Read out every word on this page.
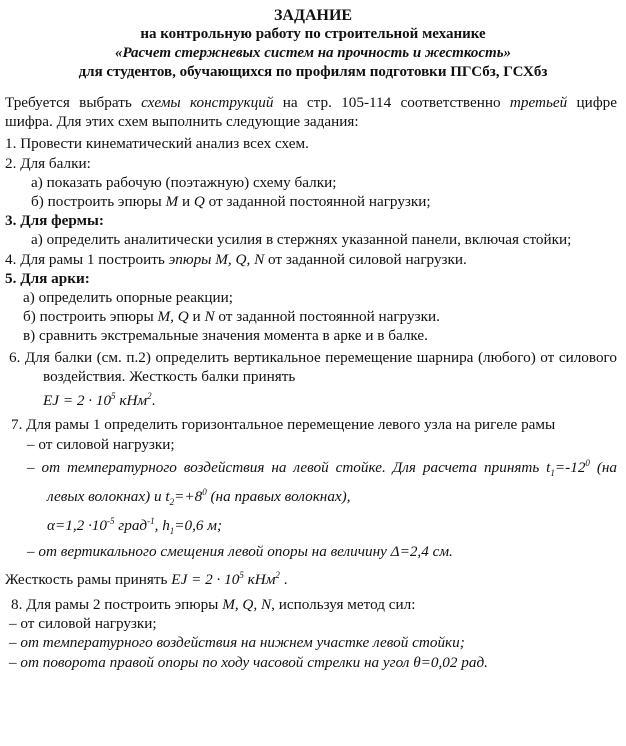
ЗАДАНИЕ
на контрольную работу по строительной механике
«Расчет стержневых систем на прочность и жесткость»
для студентов, обучающихся по профилям подготовки ПГСбз, ГСХбз

Требуется выбрать схемы конструкций на стр. 105-114 соответственно третьей цифре шифра. Для этих схем выполнить следующие задания:

1. Провести кинематический анализ всех схем.

2. Для балки:

а) показать рабочую (поэтажную) схему балки;

б) построить эпюры M и Q от заданной постоянной нагрузки;

3. Для фермы:

а) определить аналитически усилия в стержнях указанной панели, включая стойки;

4. Для рамы 1 построить эпюры M, Q, N от заданной силовой нагрузки.

5. Для арки:

а) определить опорные реакции;

б) построить эпюры M, Q и N от заданной постоянной нагрузки.

в) сравнить экстремальные значения момента в арке и в балке.

6. Для балки (см. п.2) определить вертикальное перемещение шарнира (любого) от силового воздействия. Жесткость балки принять

EJ = $2 \cdot 10^5$ кНм$^2$.

7. Для рамы 1 определить горизонтальное перемещение левого узла на ригеле рамы

– от силовой нагрузки;

– от температурного воздействия на левой стойке. Для расчета принять $t_1=-12^0$ (на левых волокнах) и $t_2=+8^0$ (на правых волокнах),

$\alpha=1,2 \cdot 10^{-5}$ град$^{-1}$, $h_1=0,6$ м;

– от вертикального смещения левой опоры на величину Δ=2,4 см.

Жесткость рамы принять EJ = $2 \cdot 10^5$ кНм$^2$ .

8. Для рамы 2 построить эпюры M, Q, N, используя метод сил:

– от силовой нагрузки;

– от температурного воздействия на нижнем участке левой стойки;

– от поворота правой опоры по ходу часовой стрелки на угол θ=0,02 рад.
